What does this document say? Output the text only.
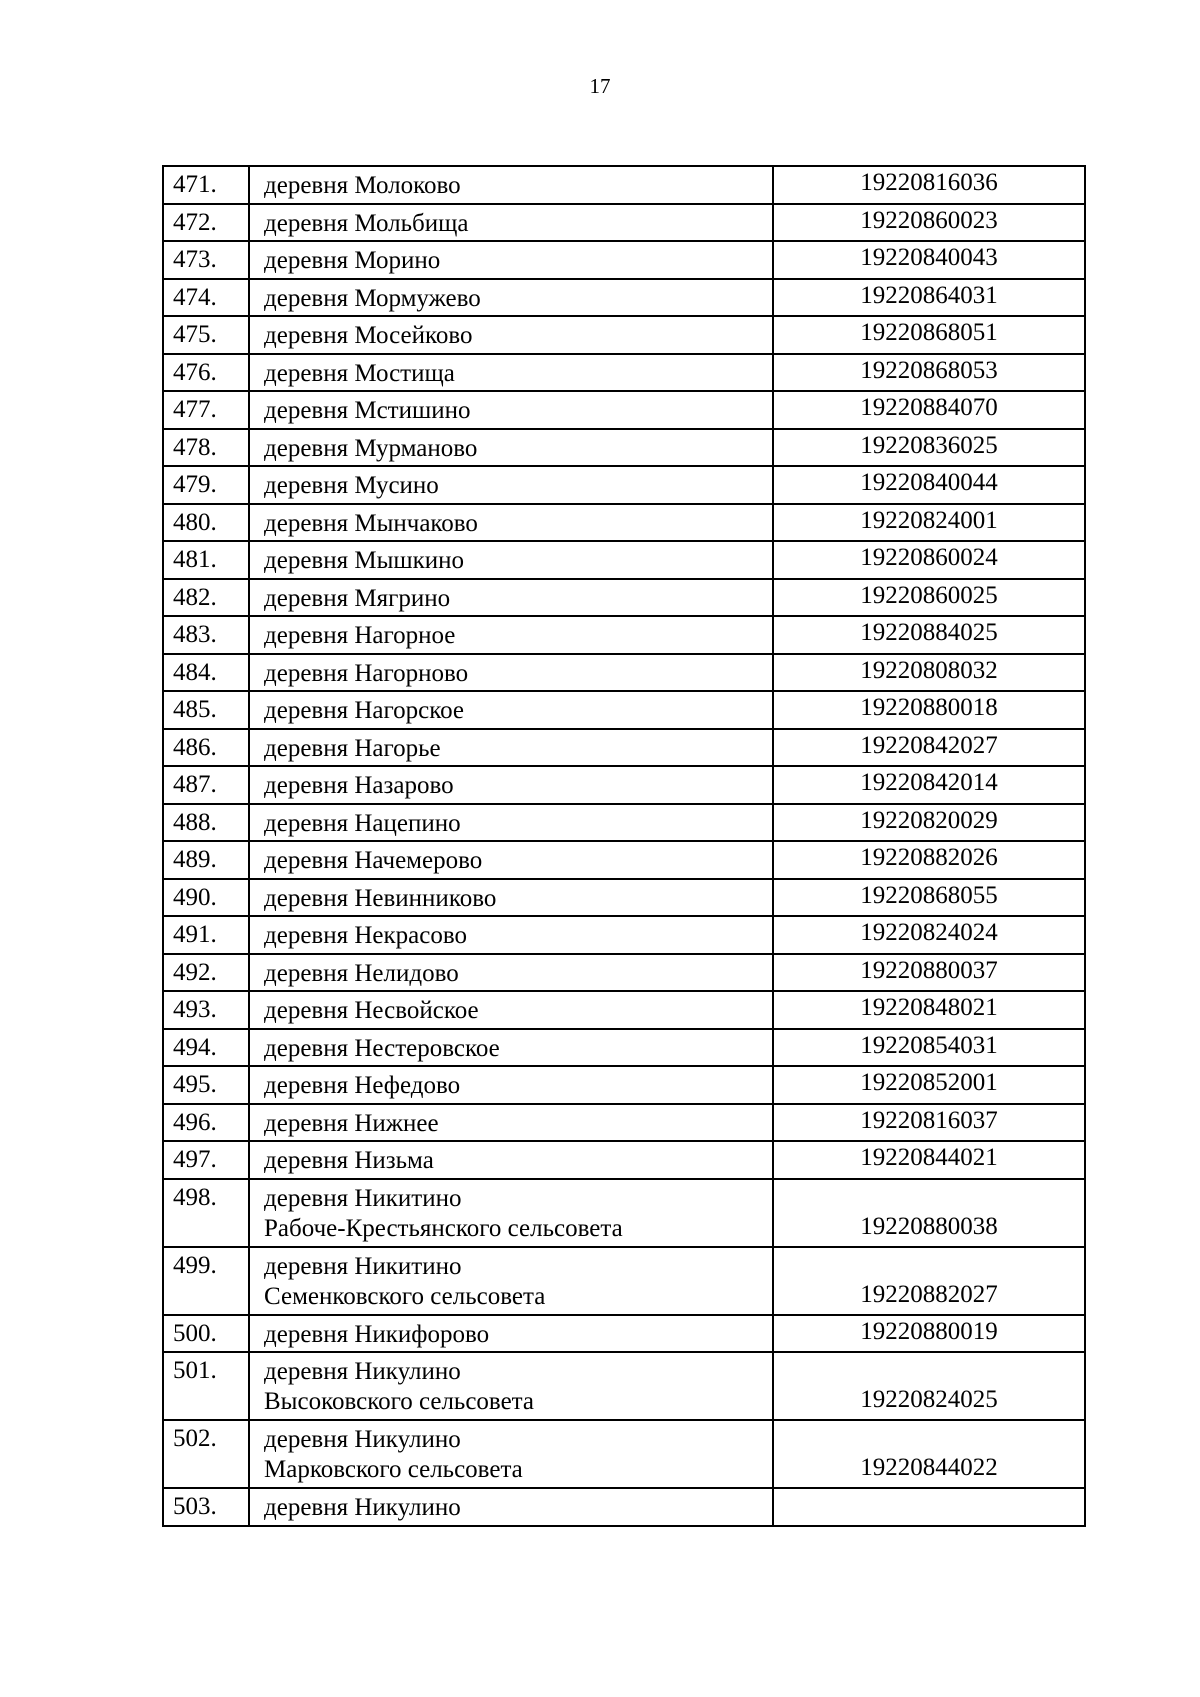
17
471.	деревня Молоково	19220816036
472.	деревня Мольбища	19220860023
473.	деревня Морино	19220840043
474.	деревня Мормужево	19220864031
475.	деревня Мосейково	19220868051
476.	деревня Мостища	19220868053
477.	деревня Мстишино	19220884070
478.	деревня Мурманово	19220836025
479.	деревня Мусино	19220840044
480.	деревня Мынчаково	19220824001
481.	деревня Мышкино	19220860024
482.	деревня Мягрино	19220860025
483.	деревня Нагорное	19220884025
484.	деревня Нагорново	19220808032
485.	деревня Нагорское	19220880018
486.	деревня Нагорье	19220842027
487.	деревня Назарово	19220842014
488.	деревня Нацепино	19220820029
489.	деревня Начемерово	19220882026
490.	деревня Невинниково	19220868055
491.	деревня Некрасово	19220824024
492.	деревня Нелидово	19220880037
493.	деревня Несвойское	19220848021
494.	деревня Нестеровское	19220854031
495.	деревня Нефедово	19220852001
496.	деревня Нижнее	19220816037
497.	деревня Низьма	19220844021
498.	деревня Никитино
Рабоче-Крестьянского сельсовета	19220880038
499.	деревня Никитино
Семенковского сельсовета	19220882027
500.	деревня Никифорово	19220880019
501.	деревня Никулино
Высоковского сельсовета	19220824025
502.	деревня Никулино
Марковского сельсовета	19220844022
503.	деревня Никулино	
